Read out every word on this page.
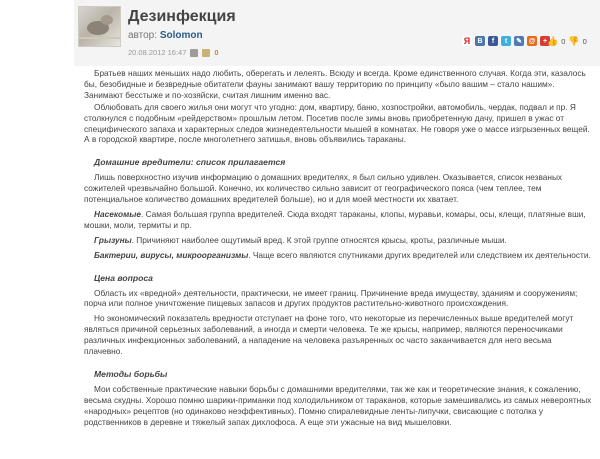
Дезинфекция
автор: Solomon
20.08.2012 16:47	0
Я	B	f	t	✎ @	+ 👍 0 👎 0

Братьев наших меньших надо любить, оберегать и лелеять. Всюду и всегда. Кроме единственного случая. Когда эти, казалось бы, безобидные и безвредные обитатели фауны занимают вашу территорию по принципу «было вашим – стало нашим». Занимают бесстыже и по-хозяйски, считая лишним именно вас.

Облюбовать для своего жилья они могут что угодно: дом, квартиру, баню, хозпостройки, автомобиль, чердак, подвал и пр. Я столкнулся с подобным «рейдерством» прошлым летом. Посетив после зимы вновь приобретенную дачу, пришел в ужас от специфического запаха и характерных следов жизнедеятельности мышей в комнатах. Не говоря уже о массе изгрызенных вещей. А в городской квартире, после многолетнего затишья, вновь объявились тараканы.

Домашние вредители: список прилагается

Лишь поверхностно изучив информацию о домашних вредителях, я был сильно удивлен. Оказывается, список незваных сожителей чрезвычайно большой. Конечно, их количество сильно зависит от географического пояса (чем теплее, тем потенциальное количество домашних вредителей больше), но и для моей местности их хватает.

Насекомые. Самая большая группа вредителей. Сюда входят тараканы, клопы, муравьи, комары, осы, клещи, платяные вши, мошки, моли, термиты и пр.

Грызуны. Причиняют наиболее ощутимый вред. К этой группе относятся крысы, кроты, различные мыши.

Бактерии, вирусы, микроорганизмы. Чаще всего являются спутниками других вредителей или следствием их деятельности.

Цена вопроса

Область их «вредной» деятельности, практически, не имеет границ. Причинение вреда имуществу, зданиям и сооружениям; порча или полное уничтожение пищевых запасов и других продуктов растительно-животного происхождения.

Но экономический показатель вредности отступает на фоне того, что некоторые из перечисленных выше вредителей могут являться причиной серьезных заболеваний, а иногда и смерти человека. Те же крысы, например, являются переносчиками различных инфекционных заболеваний, а нападение на человека разъяренных ос часто заканчивается для него весьма плачевно.

Методы борьбы

Мои собственные практические навыки борьбы с домашними вредителями, так же как и теоретические знания, к сожалению, весьма скудны. Хорошо помню шарики-приманки под холодильником от тараканов, которые замешивались из самых невероятных «народных» рецептов (но одинаково неэффективных). Помню спиралевидные ленты-липучки, свисающие с потолка у родственников в деревне и тяжелый запах дихлофоса. А еще эти ужасные на вид мышеловки.
